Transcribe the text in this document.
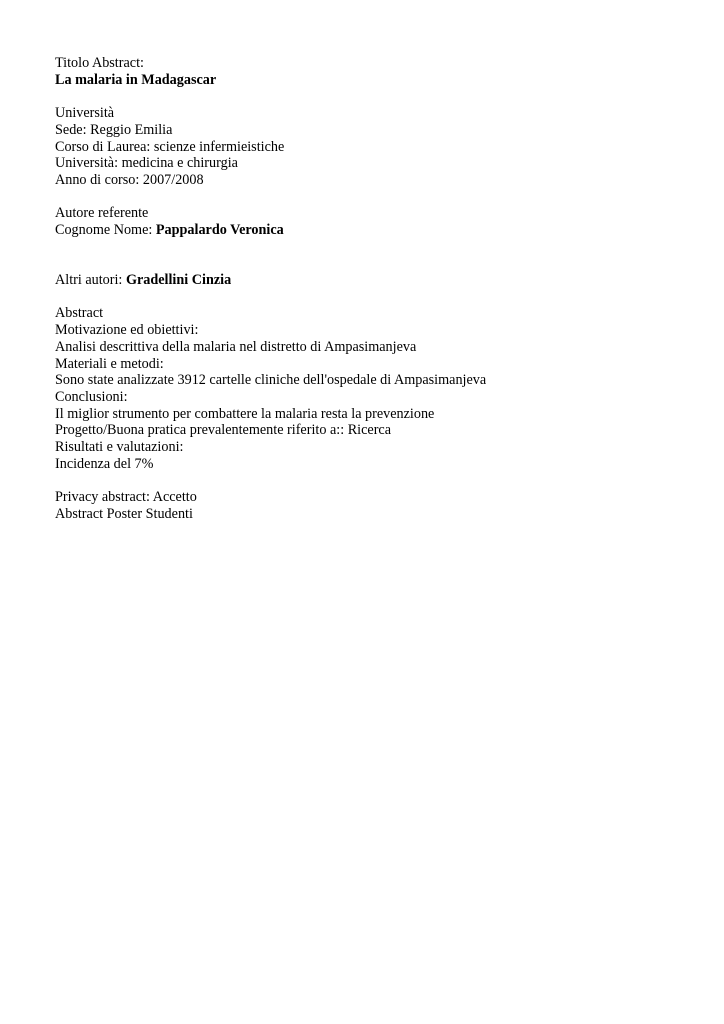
Titolo Abstract:
La malaria in Madagascar
Università
Sede: Reggio Emilia
Corso di Laurea: scienze infermieistiche
Università: medicina e chirurgia
Anno di corso: 2007/2008
Autore referente
Cognome Nome: Pappalardo Veronica
Altri autori: Gradellini Cinzia
Abstract
Motivazione ed obiettivi:
Analisi descrittiva della malaria nel distretto di Ampasimanjeva
Materiali e metodi:
Sono state analizzate 3912 cartelle cliniche dell'ospedale di Ampasimanjeva
Conclusioni:
Il miglior strumento per combattere la malaria resta la prevenzione
Progetto/Buona pratica prevalentemente riferito a:: Ricerca
Risultati e valutazioni:
Incidenza del 7%
Privacy abstract: Accetto
Abstract Poster Studenti
